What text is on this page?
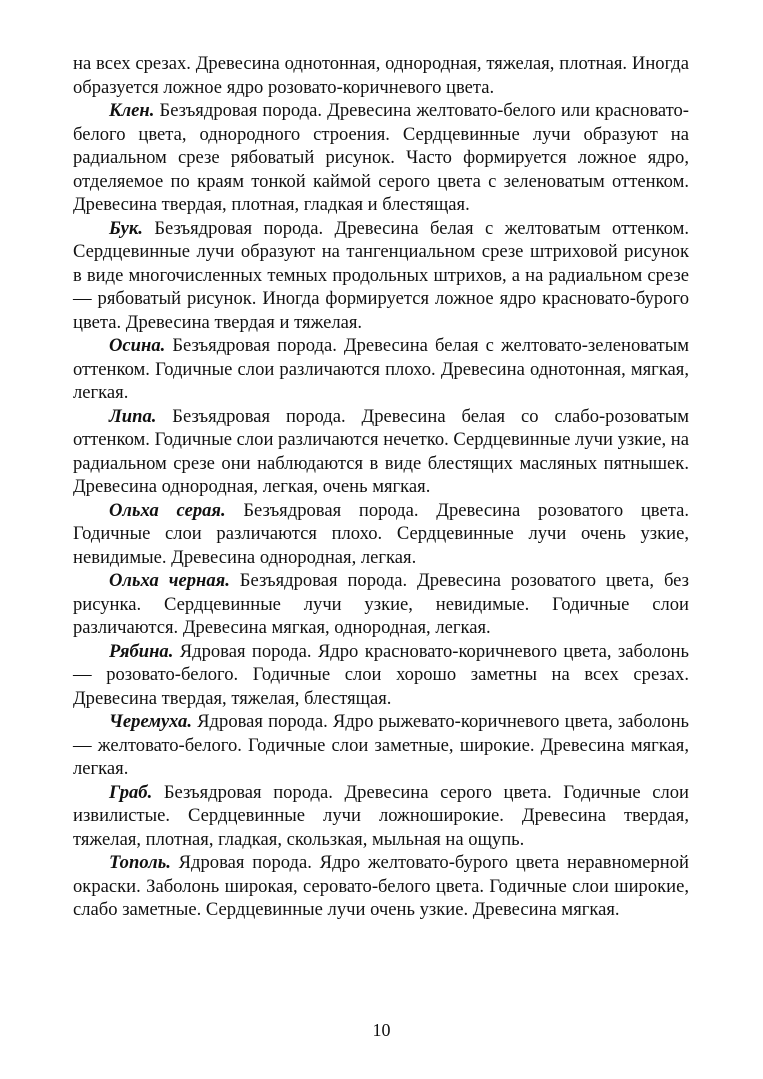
на всех срезах. Древесина однотонная, однородная, тяжелая, плотная. Иногда образуется ложное ядро розовато-коричневого цвета.

Клен. Безъядровая порода. Древесина желтовато-белого или красновато-белого цвета, однородного строения. Сердцевинные лучи образуют на радиальном срезе рябоватый рисунок. Часто формируется ложное ядро, отделяемое по краям тонкой каймой серого цвета с зеленоватым оттенком. Древесина твердая, плотная, гладкая и блестящая.

Бук. Безъядровая порода. Древесина белая с желтоватым оттенком. Сердцевинные лучи образуют на тангенциальном срезе штриховой рисунок в виде многочисленных темных продольных штрихов, а на радиальном срезе — рябоватый рисунок. Иногда формируется ложное ядро красновато-бурого цвета. Древесина твердая и тяжелая.

Осина. Безъядровая порода. Древесина белая с желтовато-зеленоватым оттенком. Годичные слои различаются плохо. Древесина однотонная, мягкая, легкая.

Липа. Безъядровая порода. Древесина белая со слабо-розоватым оттенком. Годичные слои различаются нечетко. Сердцевинные лучи узкие, на радиальном срезе они наблюдаются в виде блестящих масляных пятнышек. Древесина однородная, легкая, очень мягкая.

Ольха серая. Безъядровая порода. Древесина розоватого цвета. Годичные слои различаются плохо. Сердцевинные лучи очень узкие, невидимые. Древесина однородная, легкая.

Ольха черная. Безъядровая порода. Древесина розоватого цвета, без рисунка. Сердцевинные лучи узкие, невидимые. Годичные слои различаются. Древесина мягкая, однородная, легкая.

Рябина. Ядровая порода. Ядро красновато-коричневого цвета, заболонь — розовато-белого. Годичные слои хорошо заметны на всех срезах. Древесина твердая, тяжелая, блестящая.

Черемуха. Ядровая порода. Ядро рыжевато-коричневого цвета, заболонь — желтовато-белого. Годичные слои заметные, широкие. Древесина мягкая, легкая.

Граб. Безъядровая порода. Древесина серого цвета. Годичные слои извилистые. Сердцевинные лучи ложноширокие. Древесина твердая, тяжелая, плотная, гладкая, скользкая, мыльная на ощупь.

Тополь. Ядровая порода. Ядро желтовато-бурого цвета неравномерной окраски. Заболонь широкая, серовато-белого цвета. Годичные слои широкие, слабо заметные. Сердцевинные лучи очень узкие. Древесина мягкая.

10
